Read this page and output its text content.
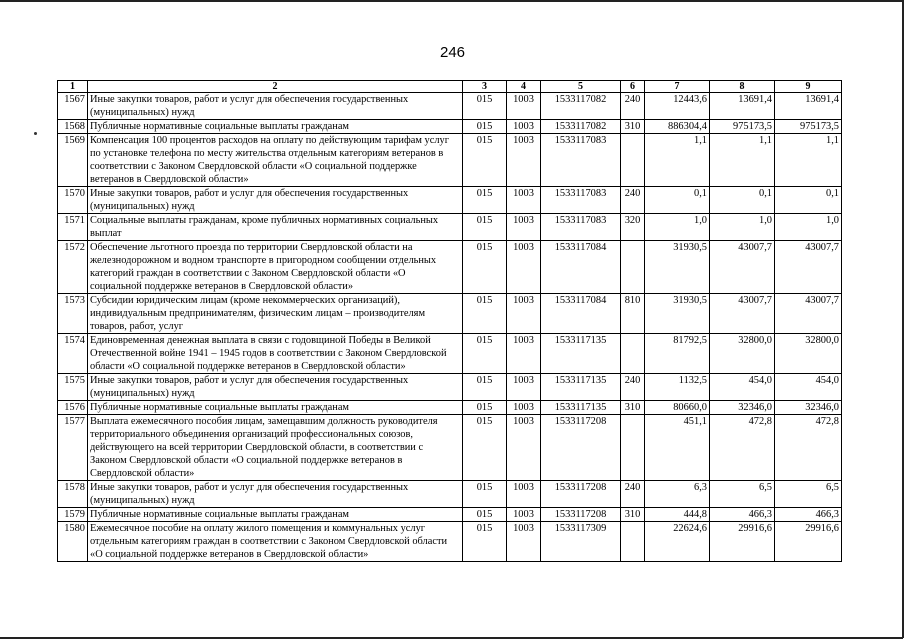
246
1	2	3	4	5	6	7	8	9
1567	Иные закупки товаров, работ и услуг для обеспечения государственных (муниципальных) нужд	015	1003	1533117082	240	12443,6	13691,4	13691,4
1568	Публичные нормативные социальные выплаты гражданам	015	1003	1533117082	310	886304,4	975173,5	975173,5
1569	Компенсация 100 процентов расходов на оплату по действующим тарифам услуг по установке телефона по месту жительства отдельным категориям ветеранов в соответствии с Законом Свердловской области «О социальной поддержке ветеранов в Свердловской области»	015	1003	1533117083		1,1	1,1	1,1
1570	Иные закупки товаров, работ и услуг для обеспечения государственных (муниципальных) нужд	015	1003	1533117083	240	0,1	0,1	0,1
1571	Социальные выплаты гражданам, кроме публичных нормативных социальных выплат	015	1003	1533117083	320	1,0	1,0	1,0
1572	Обеспечение льготного проезда по территории Свердловской области на железнодорожном и водном транспорте в пригородном сообщении отдельных категорий граждан в соответствии с Законом Свердловской области «О социальной поддержке ветеранов в Свердловской области»	015	1003	1533117084		31930,5	43007,7	43007,7
1573	Субсидии юридическим лицам (кроме некоммерческих организаций), индивидуальным предпринимателям, физическим лицам – производителям товаров, работ, услуг	015	1003	1533117084	810	31930,5	43007,7	43007,7
1574	Единовременная денежная выплата в связи с годовщиной Победы в Великой Отечественной войне 1941 – 1945 годов в соответствии с Законом Свердловской области «О социальной поддержке ветеранов в Свердловской области»	015	1003	1533117135		81792,5	32800,0	32800,0
1575	Иные закупки товаров, работ и услуг для обеспечения государственных (муниципальных) нужд	015	1003	1533117135	240	1132,5	454,0	454,0
1576	Публичные нормативные социальные выплаты гражданам	015	1003	1533117135	310	80660,0	32346,0	32346,0
1577	Выплата ежемесячного пособия лицам, замещавшим должность руководителя территориального объединения организаций профессиональных союзов, действующего на всей территории Свердловской области, в соответствии с Законом Свердловской области «О социальной поддержке ветеранов в Свердловской области»	015	1003	1533117208		451,1	472,8	472,8
1578	Иные закупки товаров, работ и услуг для обеспечения государственных (муниципальных) нужд	015	1003	1533117208	240	6,3	6,5	6,5
1579	Публичные нормативные социальные выплаты гражданам	015	1003	1533117208	310	444,8	466,3	466,3
1580	Ежемесячное пособие на оплату жилого помещения и коммунальных услуг отдельным категориям граждан в соответствии с Законом Свердловской области «О социальной поддержке ветеранов в Свердловской области»	015	1003	1533117309		22624,6	29916,6	29916,6
